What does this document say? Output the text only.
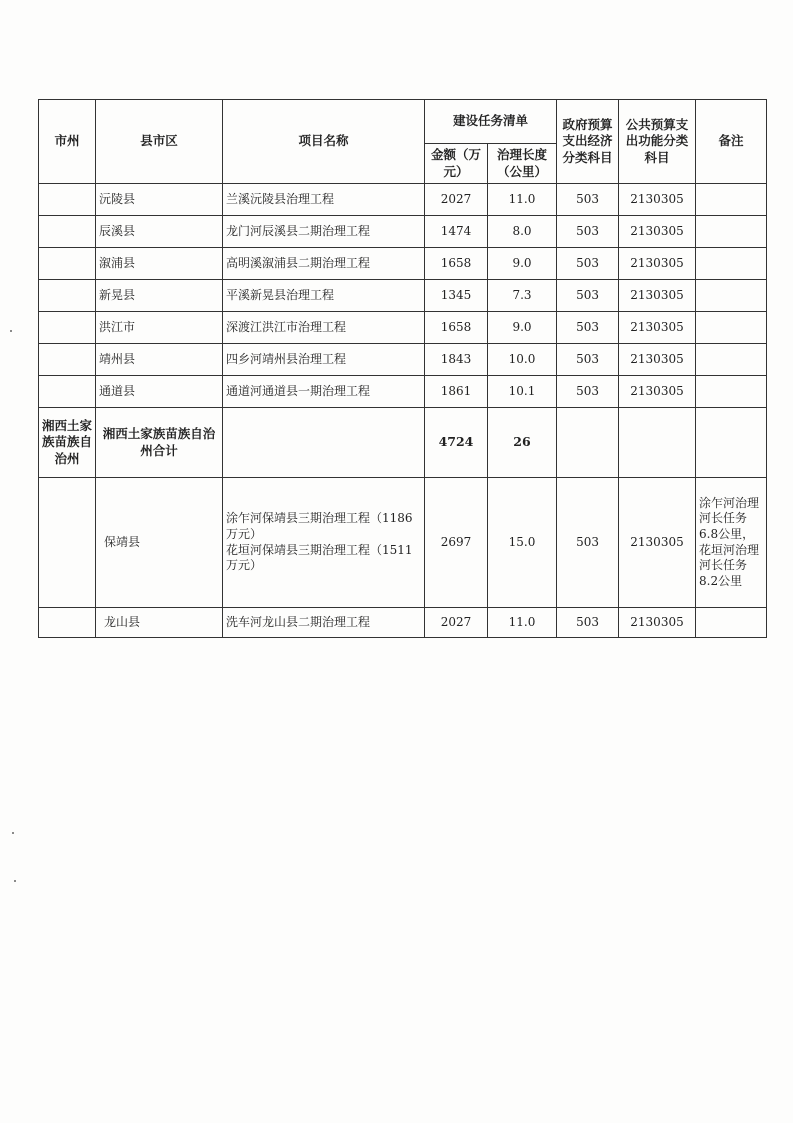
市州	县市区	项目名称	建设任务清单		政府预算支出经济分类科目	公共预算支出功能分类科目	备注
			金额（万元）	治理长度（公里）			
	沅陵县	兰溪沅陵县治理工程	2027	11.0	503	2130305	
	辰溪县	龙门河辰溪县二期治理工程	1474	8.0	503	2130305	
	溆浦县	高明溪溆浦县二期治理工程	1658	9.0	503	2130305	
	新晃县	平溪新晃县治理工程	1345	7.3	503	2130305	
	洪江市	深渡江洪江市治理工程	1658	9.0	503	2130305	
	靖州县	四乡河靖州县治理工程	1843	10.0	503	2130305	
	通道县	通道河通道县一期治理工程	1861	10.1	503	2130305	
湘西土家族苗族自治州	湘西土家族苗族自治州合计		4724	26			
	保靖县	涂乍河保靖县三期治理工程（1186万元）
花垣河保靖县三期治理工程（1511万元）	2697	15.0	503	2130305	涂乍河治理河长任务6.8公里，花垣河治理河长任务8.2公里
	龙山县	洗车河龙山县二期治理工程	2027	11.0	503	2130305	
